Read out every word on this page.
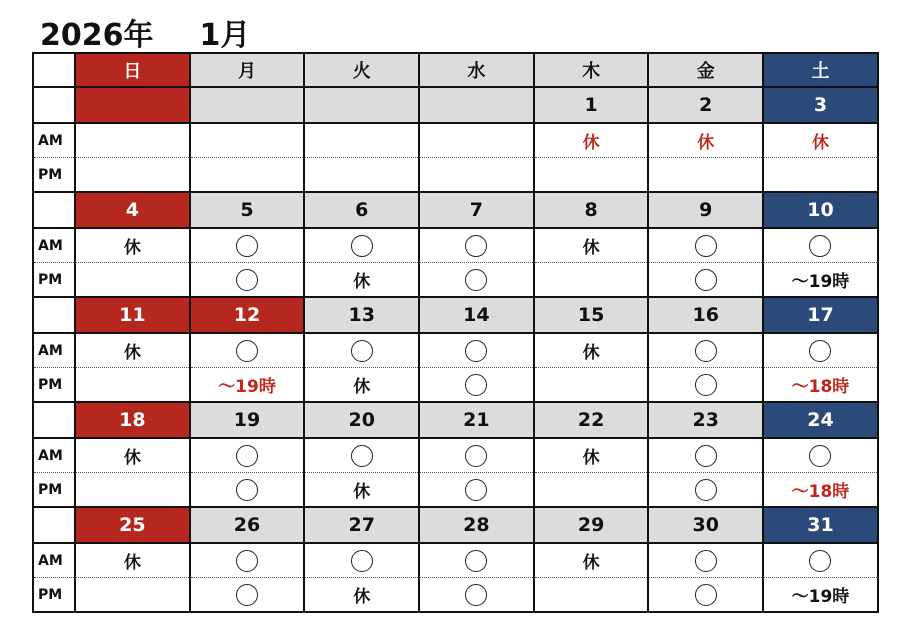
2026年 1月
	日	月	火	水	木	金	土
					1	2	3
AM					休	休	休
PM							
	4	5	6	7	8	9	10
AM	休				休		
PM			休				～19時
	11	12	13	14	15	16	17
AM	休				休		
PM		～19時	休				～18時
	18	19	20	21	22	23	24
AM	休				休		
PM			休				～18時
	25	26	27	28	29	30	31
AM	休				休		
PM			休				～19時
